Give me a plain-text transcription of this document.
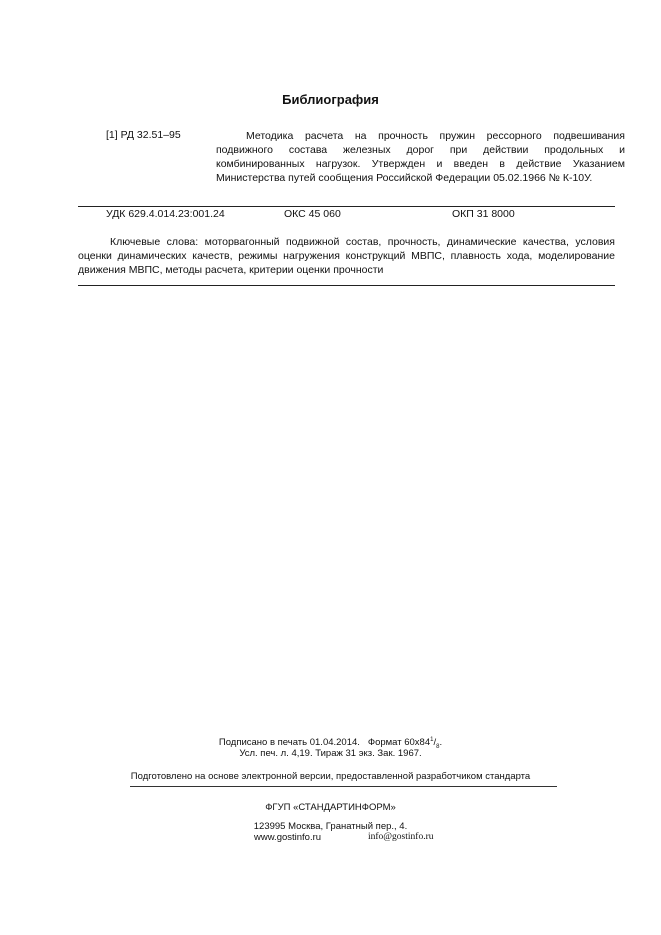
Библиография
[1] РД 32.51–95	Методика расчета на прочность пружин рессорного подвешивания подвижного состава железных дорог при действии продольных и комбинированных нагрузок. Утвержден и введен в действие Указанием Министерства путей сообщения Российской Федерации 05.02.1966 № К-10У.
УДК 629.4.014.23:001.24	ОКС 45 060	ОКП 31 8000
Ключевые слова: моторвагонный подвижной состав, прочность, динамические качества, условия оценки динамических качеств, режимы нагружения конструкций МВПС, плавность хода, моделирование движения МВПС, методы расчета, критерии оценки прочности
Подписано в печать 01.04.2014. Формат $60x84^1/_8$.
Усл. печ. л. 4,19. Тираж 31 экз. Зак. 1967.
Подготовлено на основе электронной версии, предоставленной разработчиком стандарта
ФГУП «СТАНДАРТИНФОРМ»
123995 Москва, Гранатный пер., 4.
www.gostinfo.ru	info@gostinfo.ru
